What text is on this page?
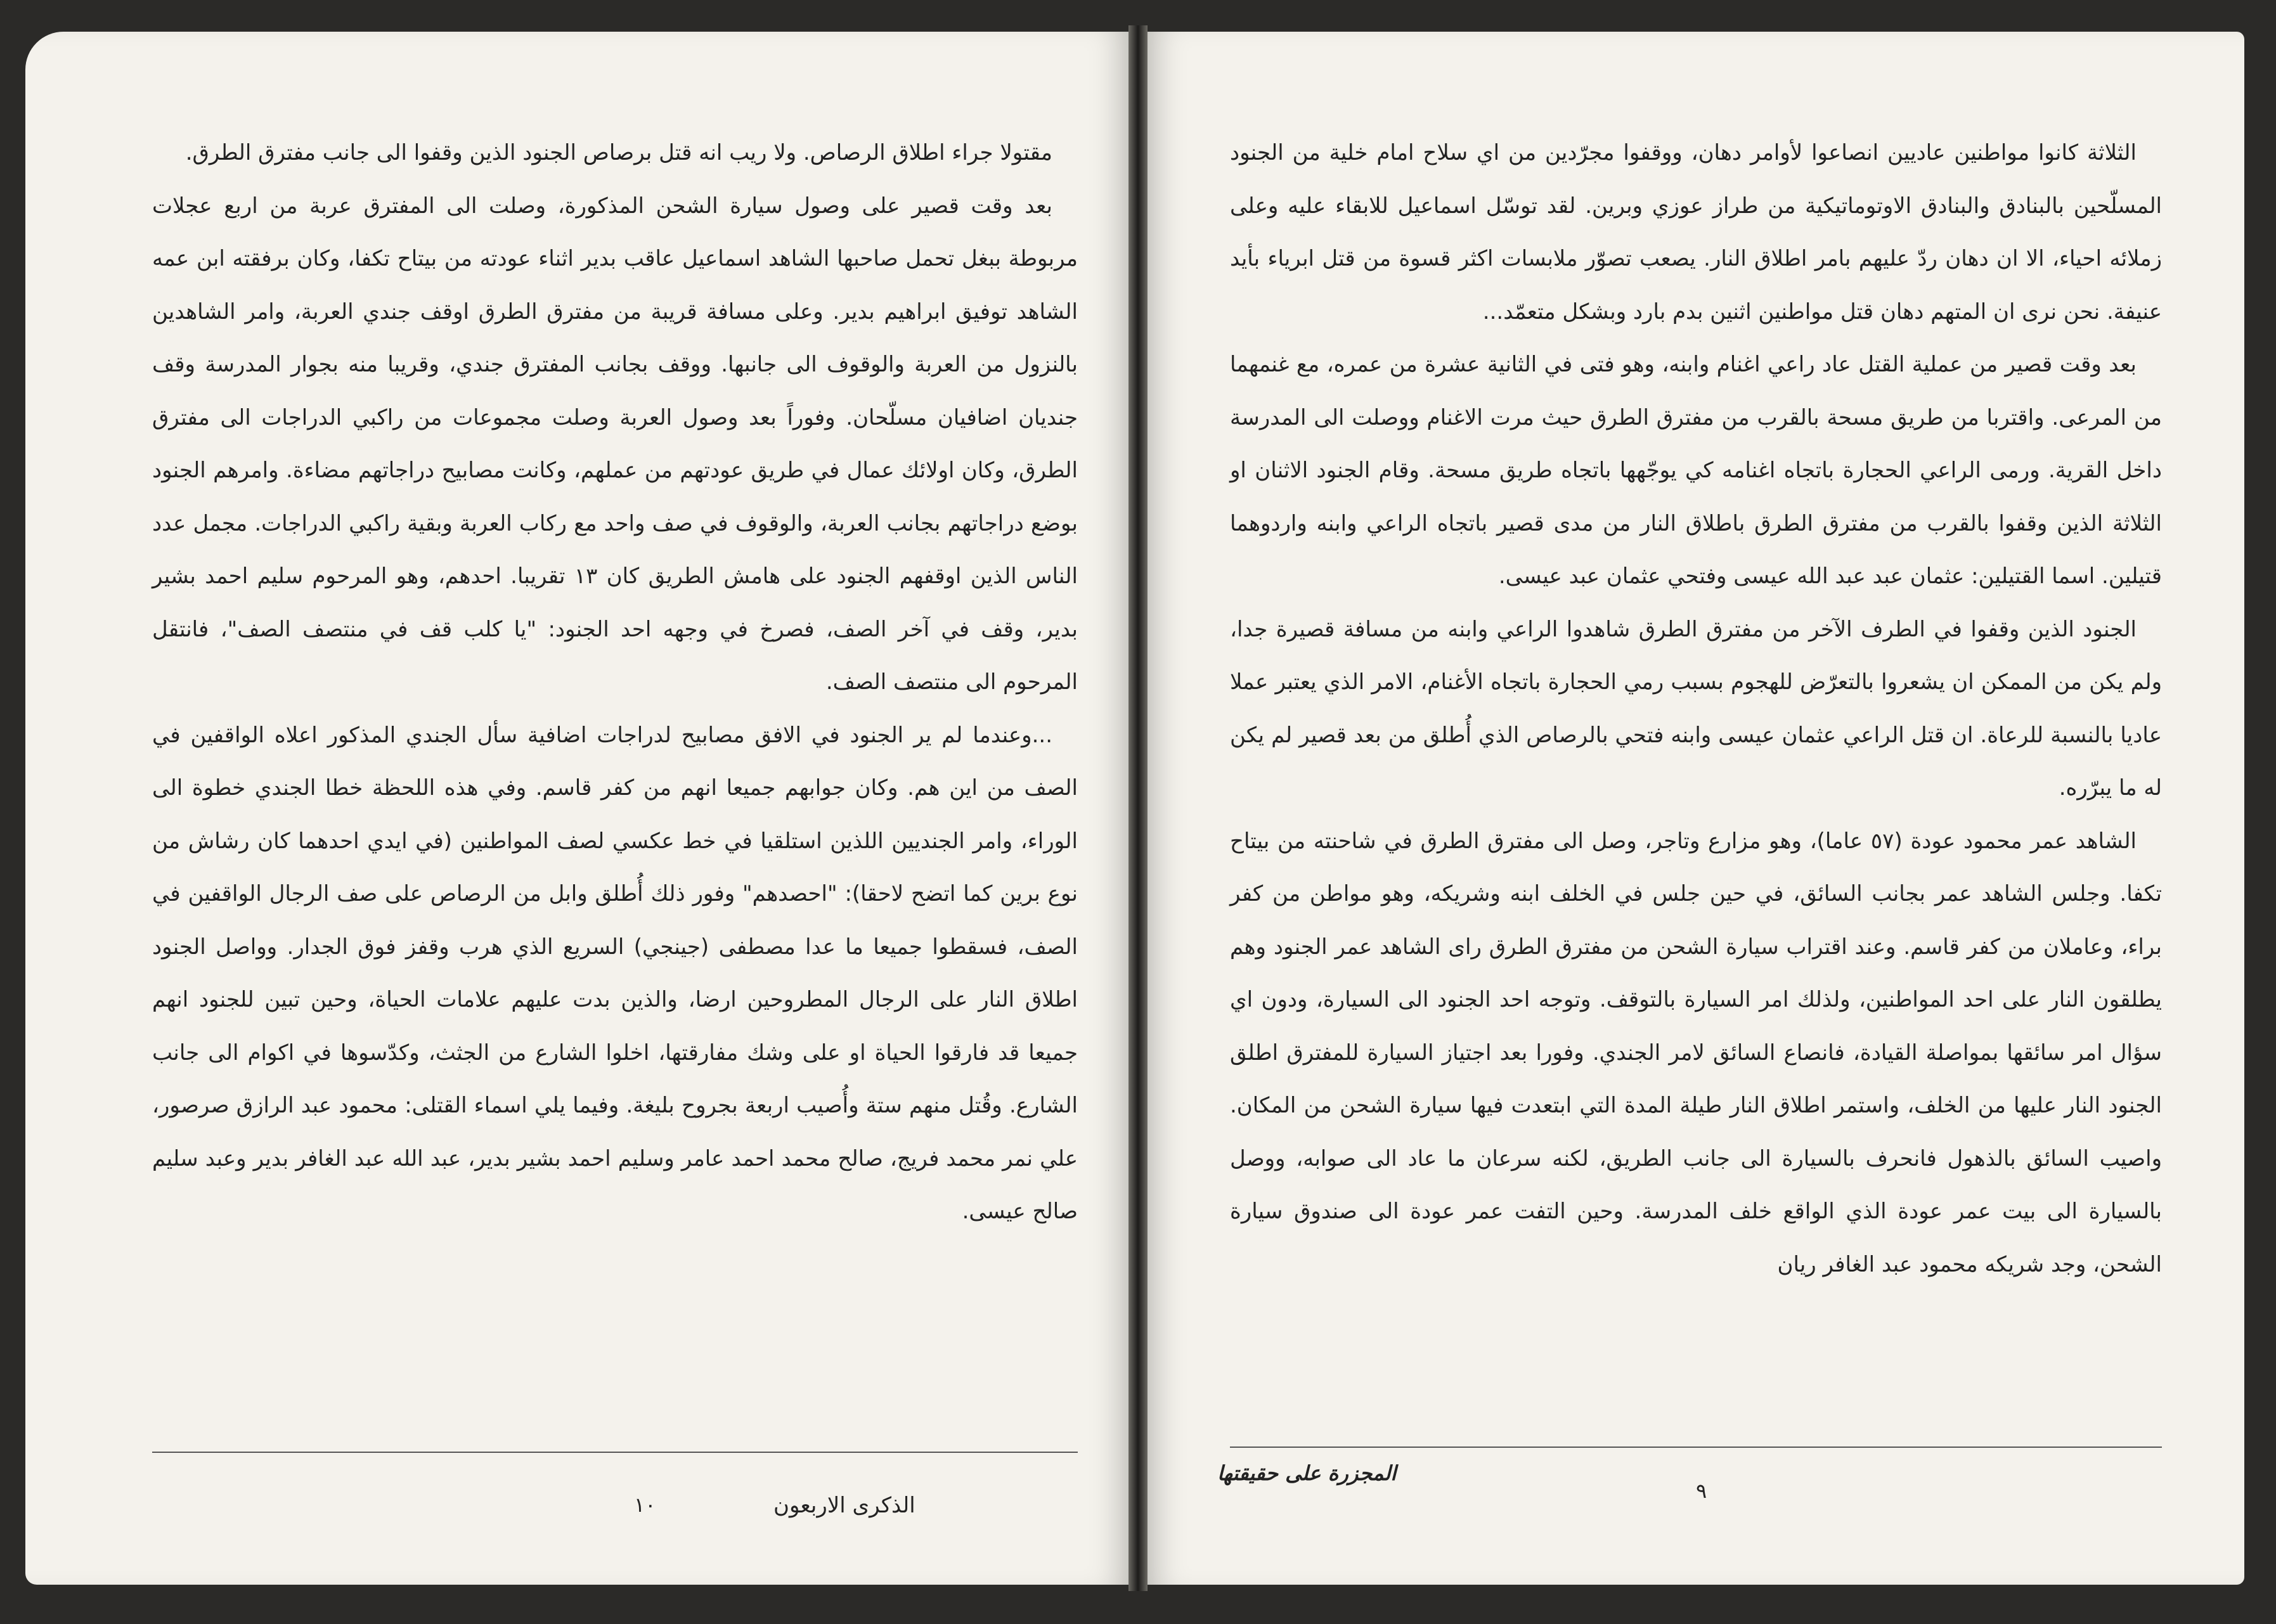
مقتولا جراء اطلاق الرصاص. ولا ريب انه قتل برصاص الجنود الذين وقفوا الى جانب مفترق الطرق.

بعد وقت قصير على وصول سيارة الشحن المذكورة، وصلت الى المفترق عربة من اربع عجلات مربوطة ببغل تحمل صاحبها الشاهد اسماعيل عاقب بدير اثناء عودته من بيتاح تكفا، وكان برفقته ابن عمه الشاهد توفيق ابراهيم بدير. وعلى مسافة قريبة من مفترق الطرق اوقف جندي العربة، وامر الشاهدين بالنزول من العربة والوقوف الى جانبها. ووقف بجانب المفترق جندي، وقريبا منه بجوار المدرسة وقف جنديان اضافيان مسلّحان. وفوراً بعد وصول العربة وصلت مجموعات من راكبي الدراجات الى مفترق الطرق، وكان اولائك عمال في طريق عودتهم من عملهم، وكانت مصابيح دراجاتهم مضاءة. وامرهم الجنود بوضع دراجاتهم بجانب العربة، والوقوف في صف واحد مع ركاب العربة وبقية راكبي الدراجات. مجمل عدد الناس الذين اوقفهم الجنود على هامش الطريق كان ١٣ تقريبا. احدهم، وهو المرحوم سليم احمد بشير بدير، وقف في آخر الصف، فصرخ في وجهه احد الجنود: "يا كلب قف في منتصف الصف"، فانتقل المرحوم الى منتصف الصف.

...وعندما لم ير الجنود في الافق مصابيح لدراجات اضافية سأل الجندي المذكور اعلاه الواقفين في الصف من اين هم. وكان جوابهم جميعا انهم من كفر قاسم. وفي هذه اللحظة خطا الجندي خطوة الى الوراء، وامر الجنديين اللذين استلقيا في خط عكسي لصف المواطنين (في ايدي احدهما كان رشاش من نوع برين كما اتضح لاحقا): "احصدهم" وفور ذلك أُطلق وابل من الرصاص على صف الرجال الواقفين في الصف، فسقطوا جميعا ما عدا مصطفى (جينجي) السريع الذي هرب وقفز فوق الجدار. وواصل الجنود اطلاق النار على الرجال المطروحين ارضا، والذين بدت عليهم علامات الحياة، وحين تبين للجنود انهم جميعا قد فارقوا الحياة او على وشك مفارقتها، اخلوا الشارع من الجثث، وكدّسوها في اكوام الى جانب الشارع. وقُتل منهم ستة وأُصيب اربعة بجروح بليغة. وفيما يلي اسماء القتلى: محمود عبد الرازق صرصور، علي نمر محمد فريج، صالح محمد احمد عامر وسليم احمد بشير بدير، عبد الله عبد الغافر بدير وعبد سليم صالح عيسى.

الذكرى الاربعون
١٠

الثلاثة كانوا مواطنين عاديين انصاعوا لأوامر دهان، ووقفوا مجرّدين من اي سلاح امام خلية من الجنود المسلّحين بالبنادق والبنادق الاوتوماتيكية من طراز عوزي وبرين. لقد توسّل اسماعيل للابقاء عليه وعلى زملائه احياء، الا ان دهان ردّ عليهم بامر اطلاق النار. يصعب تصوّر ملابسات اكثر قسوة من قتل ابرياء بأيد عنيفة. نحن نرى ان المتهم دهان قتل مواطنين اثنين بدم بارد وبشكل متعمّد...

بعد وقت قصير من عملية القتل عاد راعي اغنام وابنه، وهو فتى في الثانية عشرة من عمره، مع غنمهما من المرعى. واقتربا من طريق مسحة بالقرب من مفترق الطرق حيث مرت الاغنام ووصلت الى المدرسة داخل القرية. ورمى الراعي الحجارة باتجاه اغنامه كي يوجّهها باتجاه طريق مسحة. وقام الجنود الاثنان او الثلاثة الذين وقفوا بالقرب من مفترق الطرق باطلاق النار من مدى قصير باتجاه الراعي وابنه واردوهما قتيلين. اسما القتيلين: عثمان عبد عبد الله عيسى وفتحي عثمان عبد عيسى.

الجنود الذين وقفوا في الطرف الآخر من مفترق الطرق شاهدوا الراعي وابنه من مسافة قصيرة جدا، ولم يكن من الممكن ان يشعروا بالتعرّض للهجوم بسبب رمي الحجارة باتجاه الأغنام، الامر الذي يعتبر عملا عاديا بالنسبة للرعاة. ان قتل الراعي عثمان عيسى وابنه فتحي بالرصاص الذي أُطلق من بعد قصير لم يكن له ما يبرّره.

الشاهد عمر محمود عودة (٥٧ عاما)، وهو مزارع وتاجر، وصل الى مفترق الطرق في شاحنته من بيتاح تكفا. وجلس الشاهد عمر بجانب السائق، في حين جلس في الخلف ابنه وشريكه، وهو مواطن من كفر براء، وعاملان من كفر قاسم. وعند اقتراب سيارة الشحن من مفترق الطرق راى الشاهد عمر الجنود وهم يطلقون النار على احد المواطنين، ولذلك امر السيارة بالتوقف. وتوجه احد الجنود الى السيارة، ودون اي سؤال امر سائقها بمواصلة القيادة، فانصاع السائق لامر الجندي. وفورا بعد اجتياز السيارة للمفترق اطلق الجنود النار عليها من الخلف، واستمر اطلاق النار طيلة المدة التي ابتعدت فيها سيارة الشحن من المكان. واصيب السائق بالذهول فانحرف بالسيارة الى جانب الطريق، لكنه سرعان ما عاد الى صوابه، ووصل بالسيارة الى بيت عمر عودة الذي الواقع خلف المدرسة. وحين التفت عمر عودة الى صندوق سيارة الشحن، وجد شريكه محمود عبد الغافر ريان

المجزرة على حقيقتها
٩
